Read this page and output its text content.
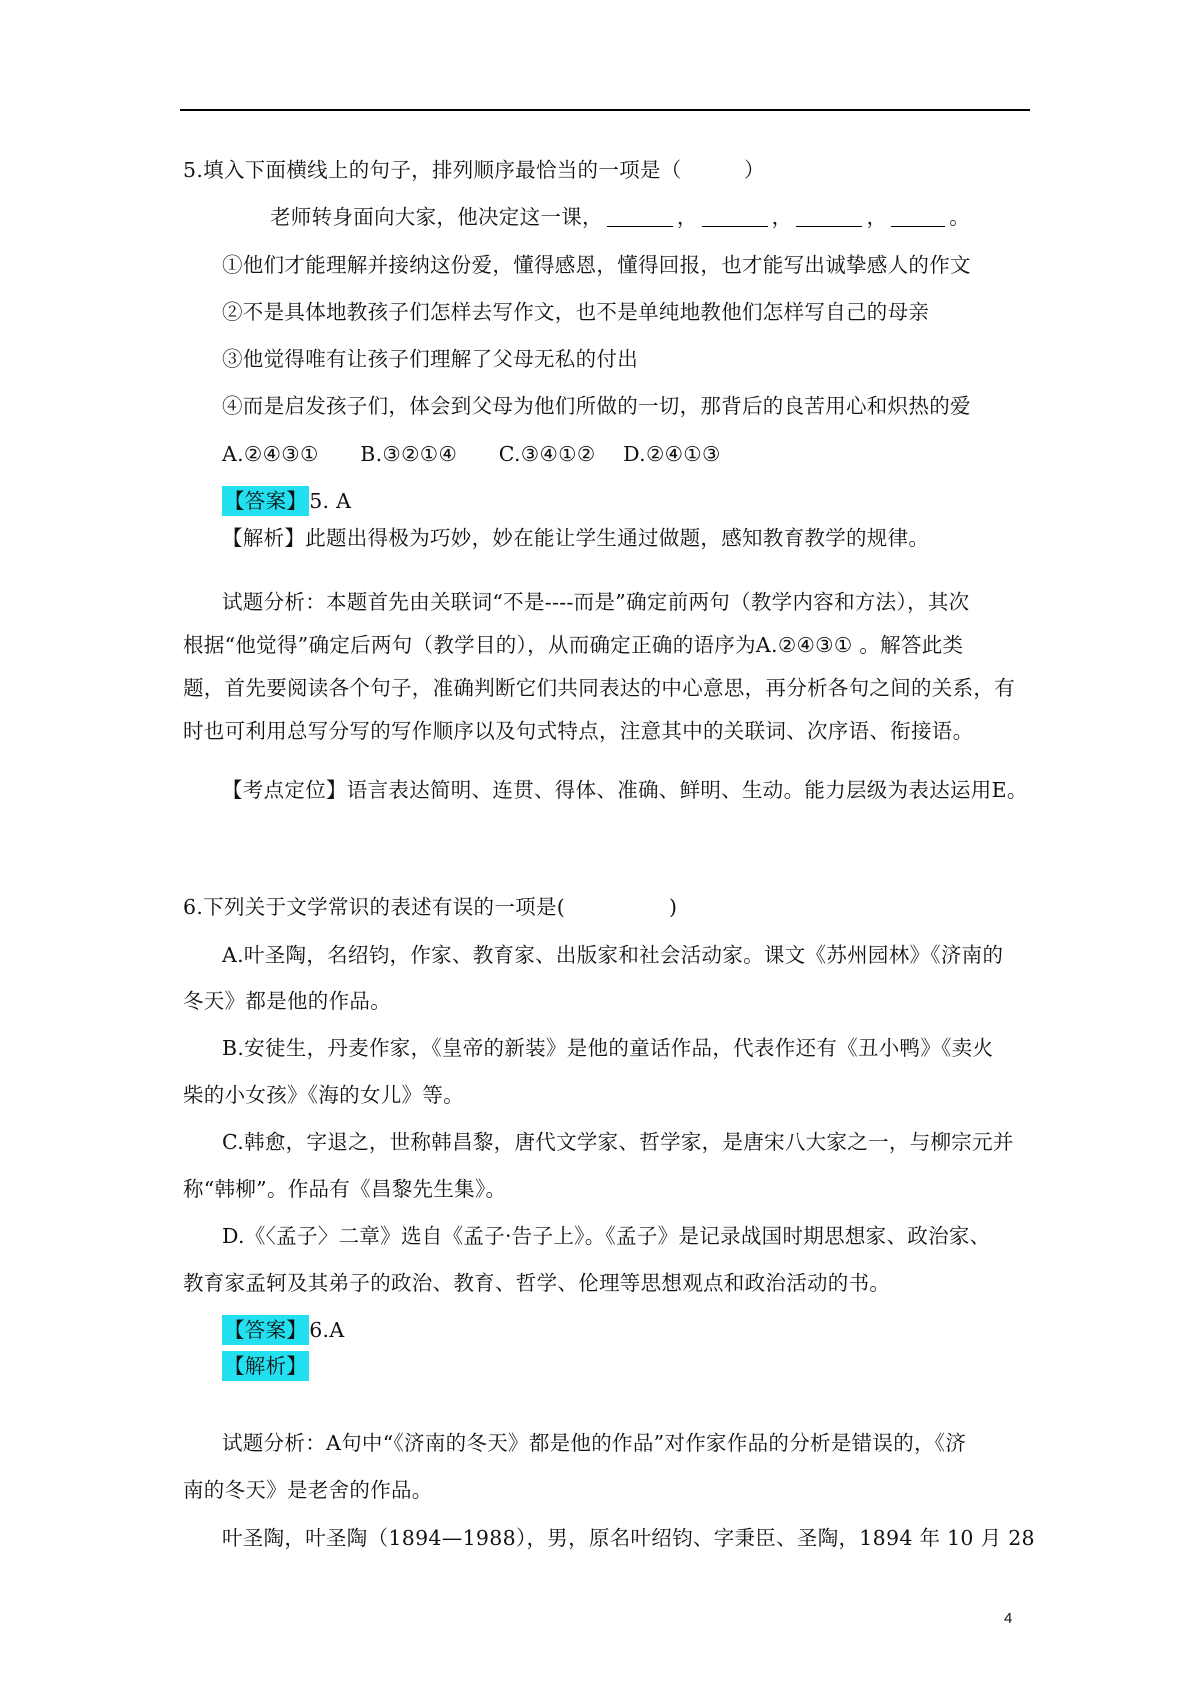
5.填入下面横线上的句子，排列顺序最恰当的一项是（　　　）
老师转身面向大家，他决定这一课，	，	，	，	。
①他们才能理解并接纳这份爱，懂得感恩，懂得回报，也才能写出诚挚感人的作文
②不是具体地教孩子们怎样去写作文，也不是单纯地教他们怎样写自己的母亲
③他觉得唯有让孩子们理解了父母无私的付出
④而是启发孩子们，体会到父母为他们所做的一切，那背后的良苦用心和炽热的爱
A.②④③①　　B.③②①④　　C.③④①②　 D.②④①③
【答案】5. A
【解析】此题出得极为巧妙，妙在能让学生通过做题，感知教育教学的规律。
试题分析：本题首先由关联词“不是----而是”确定前两句（教学内容和方法），其次
根据“他觉得”确定后两句（教学目的），从而确定正确的语序为A.②④③① 。解答此类
题，首先要阅读各个句子，准确判断它们共同表达的中心意思，再分析各句之间的关系，有
时也可利用总写分写的写作顺序以及句式特点，注意其中的关联词、次序语、衔接语。
【考点定位】语言表达简明、连贯、得体、准确、鲜明、生动。能力层级为表达运用E。
6.下列关于文学常识的表述有误的一项是(　　　　　)
A.叶圣陶，名绍钧，作家、教育家、出版家和社会活动家。课文《苏州园林》《济南的
冬天》都是他的作品。
B.安徒生，丹麦作家，《皇帝的新装》是他的童话作品，代表作还有《丑小鸭》《卖火
柴的小女孩》《海的女儿》等。
C.韩愈，字退之，世称韩昌黎，唐代文学家、哲学家，是唐宋八大家之一，与柳宗元并
称“韩柳”。作品有《昌黎先生集》。
D.《〈孟子〉二章》选自《孟子·告子上》。《孟子》是记录战国时期思想家、政治家、
教育家孟轲及其弟子的政治、教育、哲学、伦理等思想观点和政治活动的书。
【答案】6.A
【解析】
试题分析：A句中“《济南的冬天》都是他的作品”对作家作品的分析是错误的，《济
南的冬天》是老舍的作品。
叶圣陶，叶圣陶（1894—1988），男，原名叶绍钧、字秉臣、圣陶，1894 年 10 月 28
4
